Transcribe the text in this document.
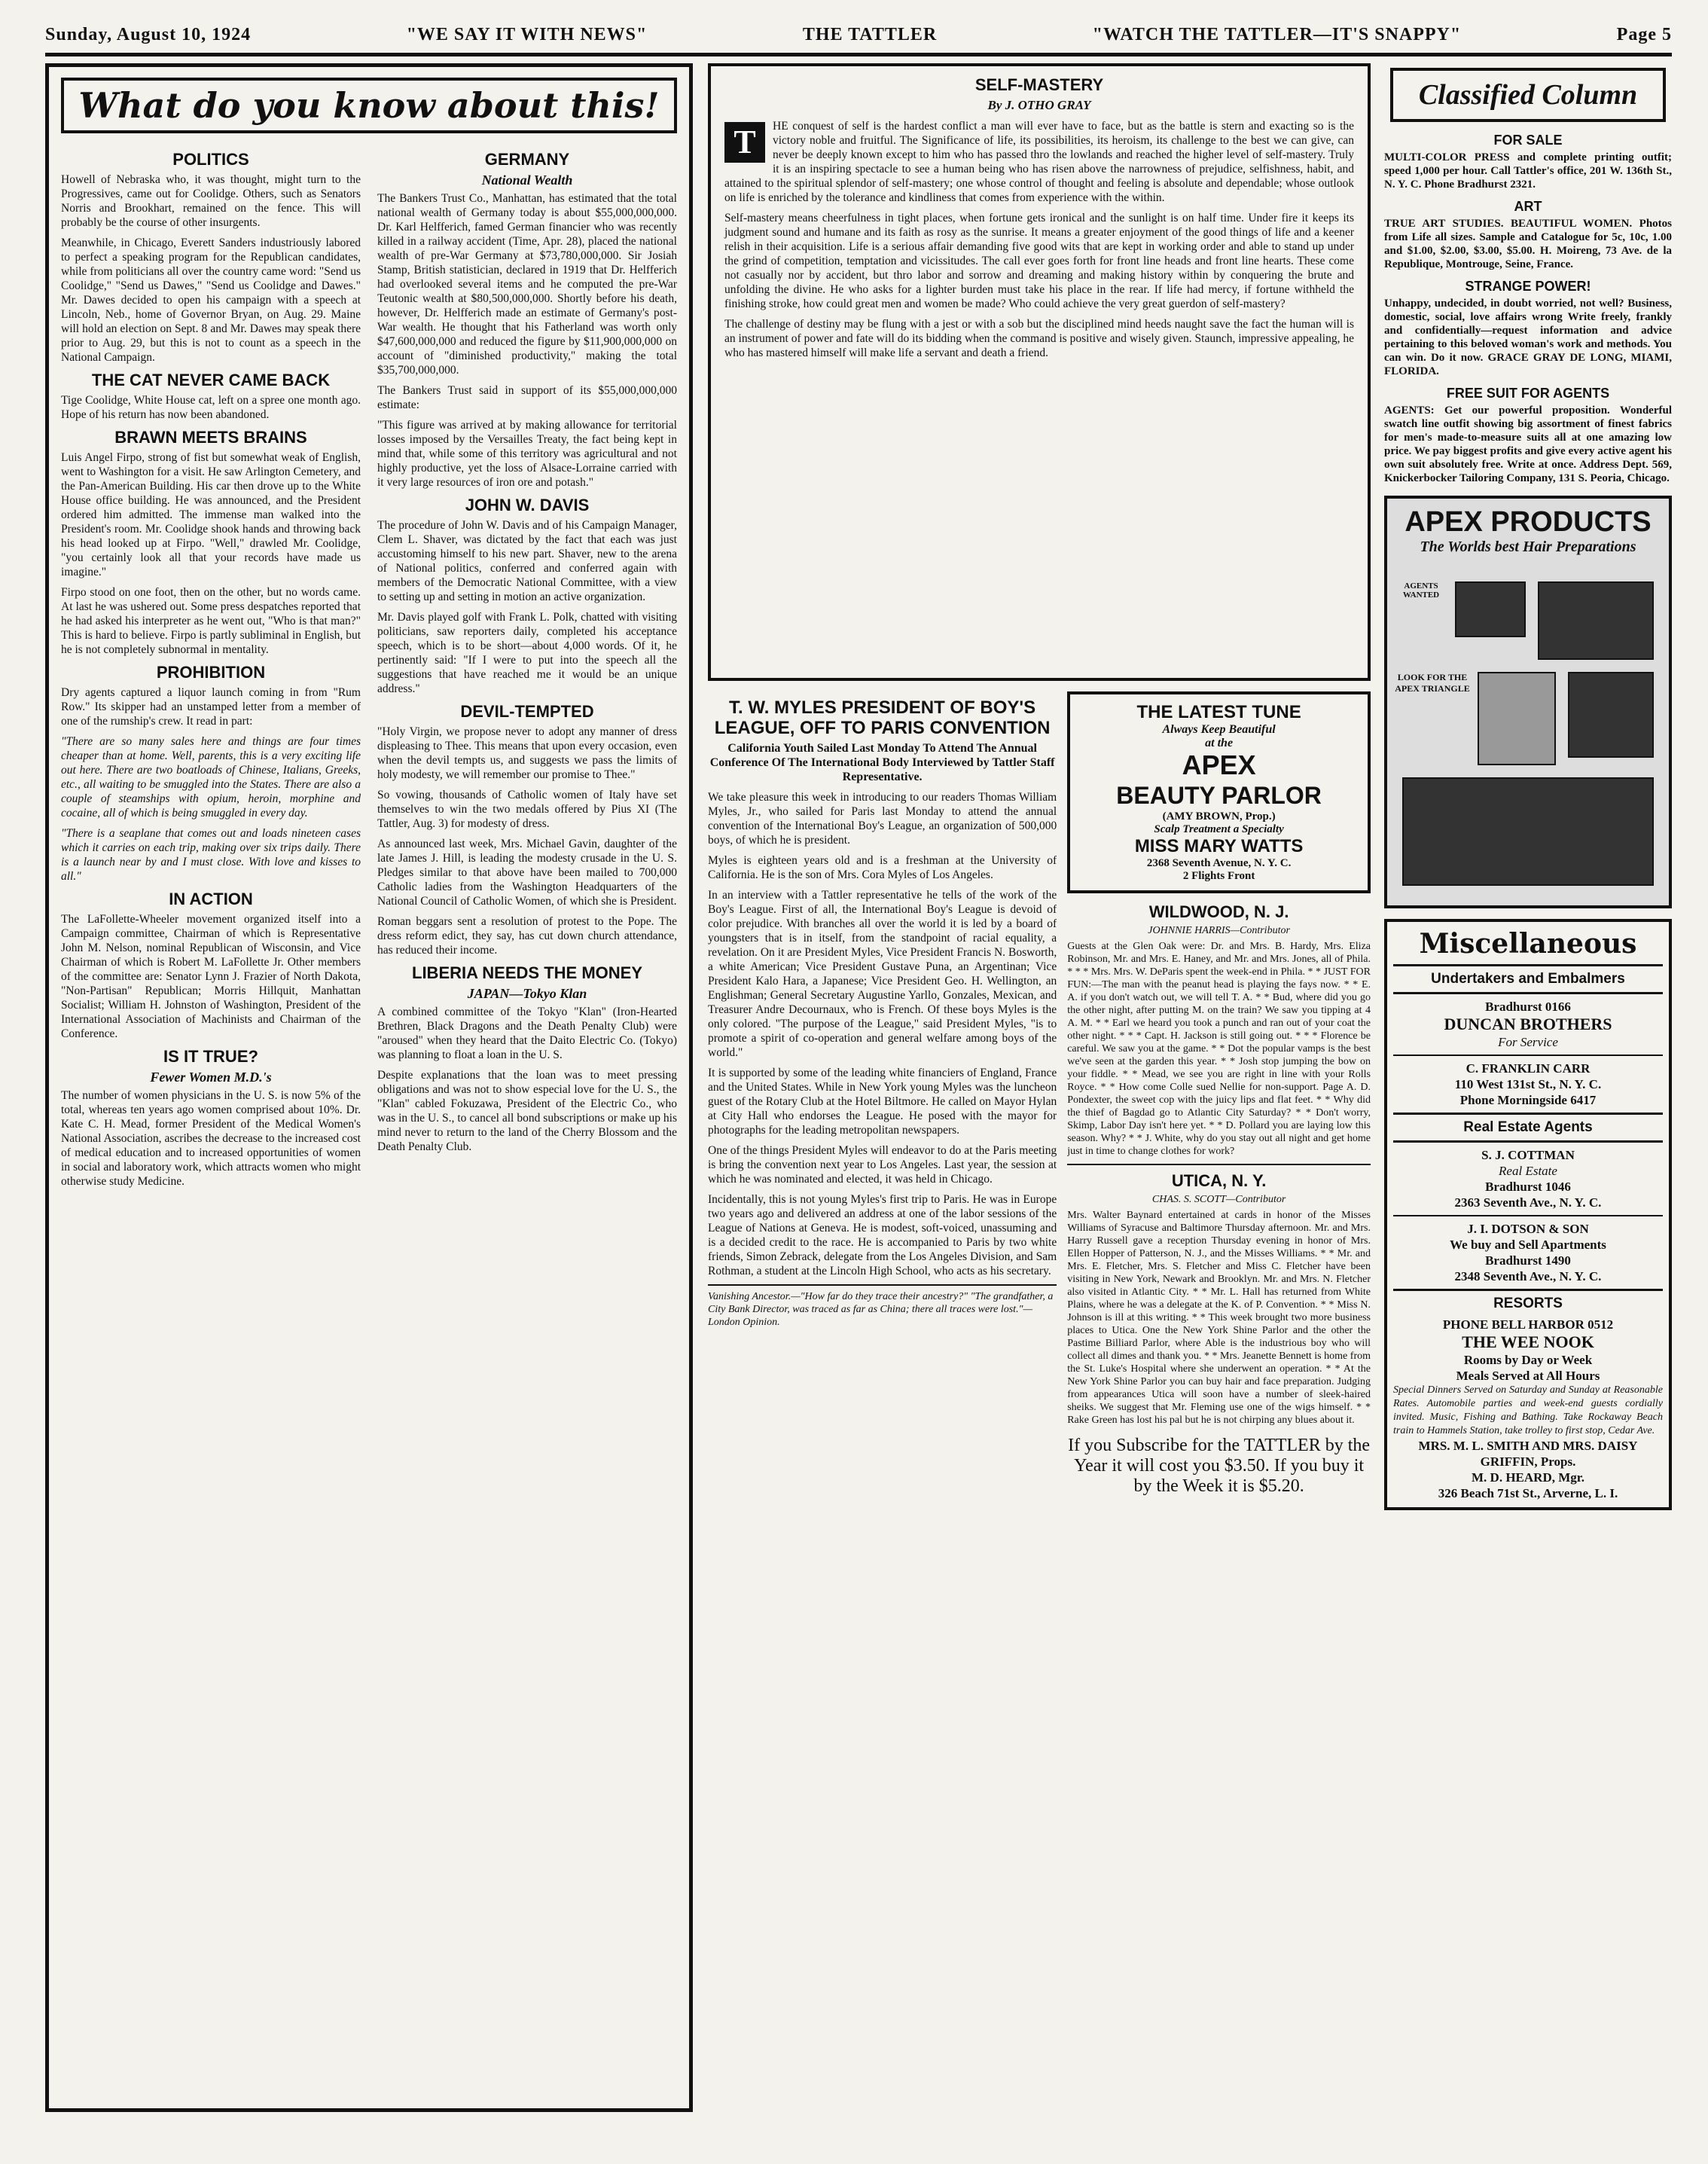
Sunday, August 10, 1924	"WE SAY IT WITH NEWS"	THE TATTLER	"WATCH THE TATTLER—IT'S SNAPPY"	Page 5
What do you know about this!
POLITICS

Howell of Nebraska who, it was thought, might turn to the Progressives, came out for Coolidge. Others, such as Senators Norris and Brookhart, remained on the fence. This will probably be the course of other insurgents.

Meanwhile, in Chicago, Everett Sanders industriously labored to perfect a speaking program for the Republican candidates, while from politicians all over the country came word: "Send us Coolidge," "Send us Dawes," "Send us Coolidge and Dawes." Mr. Dawes decided to open his campaign with a speech at Lincoln, Neb., home of Governor Bryan, on Aug. 29. Maine will hold an election on Sept. 8 and Mr. Dawes may speak there prior to Aug. 29, but this is not to count as a speech in the National Campaign.

THE CAT NEVER CAME BACK

Tige Coolidge, White House cat, left on a spree one month ago. Hope of his return has now been abandoned.

BRAWN MEETS BRAINS

Luis Angel Firpo, strong of fist but somewhat weak of English, went to Washington for a visit. He saw Arlington Cemetery, and the Pan-American Building. His car then drove up to the White House office building. He was announced, and the President ordered him admitted. The immense man walked into the President's room. Mr. Coolidge shook hands and throwing back his head looked up at Firpo. "Well," drawled Mr. Coolidge, "you certainly look all that your records have made us imagine."

Firpo stood on one foot, then on the other, but no words came. At last he was ushered out. Some press despatches reported that he had asked his interpreter as he went out, "Who is that man?" This is hard to believe. Firpo is partly subliminal in English, but he is not completely subnormal in mentality.

PROHIBITION

Dry agents captured a liquor launch coming in from "Rum Row." Its skipper had an unstamped letter from a member of one of the rumship's crew. It read in part:

"There are so many sales here and things are four times cheaper than at home. Well, parents, this is a very exciting life out here. There are two boatloads of Chinese, Italians, Greeks, etc., all waiting to be smuggled into the States. There are also a couple of steamships with opium, heroin, morphine and cocaine, all of which is being smuggled in every day.

"There is a seaplane that comes out and loads nineteen cases which it carries on each trip, making over six trips daily. There is a launch near by and I must close. With love and kisses to all."

IN ACTION

The LaFollette-Wheeler movement organized itself into a Campaign committee, Chairman of which is Representative John M. Nelson, nominal Republican of Wisconsin, and Vice Chairman of which is Robert M. LaFollette Jr. Other members of the committee are: Senator Lynn J. Frazier of North Dakota, "Non-Partisan" Republican; Morris Hillquit, Manhattan Socialist; William H. Johnston of Washington, President of the International Association of Machinists and Chairman of the Conference.

IS IT TRUE?
Fewer Women M.D.'s

The number of women physicians in the U. S. is now 5% of the total, whereas ten years ago women comprised about 10%. Dr. Kate C. H. Mead, former President of the Medical Women's National Association, ascribes the decrease to the increased cost of medical education and to increased opportunities of women in social and laboratory work, which attracts women who might otherwise study Medicine.

GERMANY
National Wealth

The Bankers Trust Co., Manhattan, has estimated that the total national wealth of Germany today is about $55,000,000,000. Dr. Karl Helfferich, famed German financier who was recently killed in a railway accident (Time, Apr. 28), placed the national wealth of pre-War Germany at $73,780,000,000. Sir Josiah Stamp, British statistician, declared in 1919 that Dr. Helfferich had overlooked several items and he computed the pre-War Teutonic wealth at $80,500,000,000. Shortly before his death, however, Dr. Helfferich made an estimate of Germany's post-War wealth. He thought that his Fatherland was worth only $47,600,000,000 and reduced the figure by $11,900,000,000 on account of "diminished productivity," making the total $35,700,000,000.

The Bankers Trust said in support of its $55,000,000,000 estimate:

"This figure was arrived at by making allowance for territorial losses imposed by the Versailles Treaty, the fact being kept in mind that, while some of this territory was agricultural and not highly productive, yet the loss of Alsace-Lorraine carried with it very large resources of iron ore and potash."

JOHN W. DAVIS

The procedure of John W. Davis and of his Campaign Manager, Clem L. Shaver, was dictated by the fact that each was just accustoming himself to his new part. Shaver, new to the arena of National politics, conferred and conferred again with members of the Democratic National Committee, with a view to setting up and setting in motion an active organization.

Mr. Davis played golf with Frank L. Polk, chatted with visiting politicians, saw reporters daily, completed his acceptance speech, which is to be short—about 4,000 words. Of it, he pertinently said: "If I were to put into the speech all the suggestions that have reached me it would be an unique address."

DEVIL-TEMPTED

"Holy Virgin, we propose never to adopt any manner of dress displeasing to Thee. This means that upon every occasion, even when the devil tempts us, and suggests we pass the limits of holy modesty, we will remember our promise to Thee."

So vowing, thousands of Catholic women of Italy have set themselves to win the two medals offered by Pius XI (The Tattler, Aug. 3) for modesty of dress.

As announced last week, Mrs. Michael Gavin, daughter of the late James J. Hill, is leading the modesty crusade in the U. S. Pledges similar to that above have been mailed to 700,000 Catholic ladies from the Washington Headquarters of the National Council of Catholic Women, of which she is President.

Roman beggars sent a resolution of protest to the Pope. The dress reform edict, they say, has cut down church attendance, has reduced their income.

LIBERIA NEEDS THE MONEY
JAPAN—Tokyo Klan

A combined committee of the Tokyo "Klan" (Iron-Hearted Brethren, Black Dragons and the Death Penalty Club) were "aroused" when they heard that the Daito Electric Co. (Tokyo) was planning to float a loan in the U. S.

Despite explanations that the loan was to meet pressing obligations and was not to show especial love for the U. S., the "Klan" cabled Fokuzawa, President of the Electric Co., who was in the U. S., to cancel all bond subscriptions or make up his mind never to return to the land of the Cherry Blossom and the Death Penalty Club.

SELF-MASTERY
By J. OTHO GRAY
T	HE conquest of self is the hardest conflict a man will ever have to face, but as the battle is stern and exacting so is the victory noble and fruitful. The Significance of life, its possibilities, its heroism, its challenge to the best we can give, can never be deeply known except to him who has passed thro the lowlands and reached the higher level of self-mastery. Truly it is an inspiring spectacle to see a human being who has risen above the narrowness of prejudice, selfishness, habit, and attained to the spiritual splendor of self-mastery; one whose control of thought and feeling is absolute and dependable; whose outlook on life is enriched by the tolerance and kindliness that comes from experience with the within.

Self-mastery means cheerfulness in tight places, when fortune gets ironical and the sunlight is on half time. Under fire it keeps its judgment sound and humane and its faith as rosy as the sunrise. It means a greater enjoyment of the good things of life and a keener relish in their acquisition. Life is a serious affair demanding five good wits that are kept in working order and able to stand up under the grind of competition, temptation and vicissitudes. The call ever goes forth for front line heads and front line hearts. These come not casually nor by accident, but thro labor and sorrow and dreaming and making history within by conquering the brute and unfolding the divine. He who asks for a lighter burden must take his place in the rear. If life had mercy, if fortune withheld the finishing stroke, how could great men and women be made? Who could achieve the very great guerdon of self-mastery?

The challenge of destiny may be flung with a jest or with a sob but the disciplined mind heeds naught save the fact the human will is an instrument of power and fate will do its bidding when the command is positive and wisely given. Staunch, impressive appealing, he who has mastered himself will make life a servant and death a friend.

T. W. MYLES PRESIDENT OF BOY'S LEAGUE, OFF TO PARIS CONVENTION

California Youth Sailed Last Monday To Attend The Annual Conference Of The International Body Interviewed by Tattler Staff Representative.

We take pleasure this week in introducing to our readers Thomas William Myles, Jr., who sailed for Paris last Monday to attend the annual convention of the International Boy's League, an organization of 500,000 boys, of which he is president.

Myles is eighteen years old and is a freshman at the University of California. He is the son of Mrs. Cora Myles of Los Angeles.

In an interview with a Tattler representative he tells of the work of the Boy's League. First of all, the International Boy's League is devoid of color prejudice. With branches all over the world it is led by a board of youngsters that is in itself, from the standpoint of racial equality, a revelation. On it are President Myles, Vice President Francis N. Bosworth, a white American; Vice President Gustave Puna, an Argentinan; Vice President Kalo Hara, a Japanese; Vice President Geo. H. Wellington, an Englishman; General Secretary Augustine Yarllo, Gonzales, Mexican, and Treasurer Andre Decournaux, who is French. Of these boys Myles is the only colored. "The purpose of the League," said President Myles, "is to promote a spirit of co-operation and general welfare among boys of the world."

It is supported by some of the leading white financiers of England, France and the United States. While in New York young Myles was the luncheon guest of the Rotary Club at the Hotel Biltmore. He called on Mayor Hylan at City Hall who endorses the League. He posed with the mayor for photographs for the leading metropolitan newspapers.

One of the things President Myles will endeavor to do at the Paris meeting is bring the convention next year to Los Angeles. Last year, the session at which he was nominated and elected, it was held in Chicago.

Incidentally, this is not young Myles's first trip to Paris. He was in Europe two years ago and delivered an address at one of the labor sessions of the League of Nations at Geneva. He is modest, soft-voiced, unassuming and is a decided credit to the race. He is accompanied to Paris by two white friends, Simon Zebrack, delegate from the Los Angeles Division, and Sam Rothman, a student at the Lincoln High School, who acts as his secretary.

Vanishing Ancestor.—"How far do they trace their ancestry?" "The grandfather, a City Bank Director, was traced as far as China; there all traces were lost."—London Opinion.
THE LATEST TUNE
Always Keep Beautiful
at the
APEX
BEAUTY PARLOR
(AMY BROWN, Prop.)
Scalp Treatment a Specialty
MISS MARY WATTS
2368 Seventh Avenue, N. Y. C.
2 Flights Front
WILDWOOD, N. J.
JOHNNIE HARRIS—Contributor

Guests at the Glen Oak were: Dr. and Mrs. B. Hardy, Mrs. Eliza Robinson, Mr. and Mrs. E. Haney, and Mr. and Mrs. Jones, all of Phila. * * * Mrs. Mrs. W. DeParis spent the week-end in Phila. * * JUST FOR FUN:—The man with the peanut head is playing the fays now. * * E. A. if you don't watch out, we will tell T. A. * * Bud, where did you go the other night, after putting M. on the train? We saw you tipping at 4 A. M. * * Earl we heard you took a punch and ran out of your coat the other night. * * * Capt. H. Jackson is still going out. * * * Florence be careful. We saw you at the game. * * Dot the popular vamps is the best we've seen at the garden this year. * * Josh stop jumping the bow on your fiddle. * * Mead, we see you are right in line with your Rolls Royce. * * How come Colle sued Nellie for non-support. Page A. D. Pondexter, the sweet cop with the juicy lips and flat feet. * * Why did the thief of Bagdad go to Atlantic City Saturday? * * Don't worry, Skimp, Labor Day isn't here yet. * * D. Pollard you are laying low this season. Why? * * J. White, why do you stay out all night and get home just in time to change clothes for work?

UTICA, N. Y.
CHAS. S. SCOTT—Contributor

Mrs. Walter Baynard entertained at cards in honor of the Misses Williams of Syracuse and Baltimore Thursday afternoon. Mr. and Mrs. Harry Russell gave a reception Thursday evening in honor of Mrs. Ellen Hopper of Patterson, N. J., and the Misses Williams. * * Mr. and Mrs. E. Fletcher, Mrs. S. Fletcher and Miss C. Fletcher have been visiting in New York, Newark and Brooklyn. Mr. and Mrs. N. Fletcher also visited in Atlantic City. * * Mr. L. Hall has returned from White Plains, where he was a delegate at the K. of P. Convention. * * Miss N. Johnson is ill at this writing. * * This week brought two more business places to Utica. One the New York Shine Parlor and the other the Pastime Billiard Parlor, where Able is the industrious boy who will collect all dimes and thank you. * * Mrs. Jeanette Bennett is home from the St. Luke's Hospital where she underwent an operation. * * At the New York Shine Parlor you can buy hair and face preparation. Judging from appearances Utica will soon have a number of sleek-haired sheiks. We suggest that Mr. Fleming use one of the wigs himself. * * Rake Green has lost his pal but he is not chirping any blues about it.

If you Subscribe for the TATTLER by the Year it will cost you $3.50. If you buy it by the Week it is $5.20.
Classified Column
FOR SALE

MULTI-COLOR PRESS and complete printing outfit; speed 1,000 per hour. Call Tattler's office, 201 W. 136th St., N. Y. C. Phone Bradhurst 2321.

ART

TRUE ART STUDIES. BEAUTIFUL WOMEN. Photos from Life all sizes. Sample and Catalogue for 5c, 10c, 1.00 and $1.00, $2.00, $3.00, $5.00. H. Moireng, 73 Ave. de la Republique, Montrouge, Seine, France.

STRANGE POWER!

Unhappy, undecided, in doubt worried, not well? Business, domestic, social, love affairs wrong Write freely, frankly and confidentially—request information and advice pertaining to this beloved woman's work and methods. You can win. Do it now. GRACE GRAY DE LONG, MIAMI, FLORIDA.

FREE SUIT FOR AGENTS

AGENTS: Get our powerful proposition. Wonderful swatch line outfit showing big assortment of finest fabrics for men's made-to-measure suits all at one amazing low price. We pay biggest profits and give every active agent his own suit absolutely free. Write at once. Address Dept. 569, Knickerbocker Tailoring Company, 131 S. Peoria, Chicago.

APEX PRODUCTS
The Worlds best Hair Preparations
AGENTS WANTED
LOOK FOR THE APEX TRIANGLE
Miscellaneous
Undertakers and Embalmers
Bradhurst 0166
DUNCAN BROTHERS
For Service
C. FRANKLIN CARR
110 West 131st St., N. Y. C.
Phone Morningside 6417
Real Estate Agents
S. J. COTTMAN
Real Estate
Bradhurst 1046
2363 Seventh Ave., N. Y. C.
J. I. DOTSON & SON
We buy and Sell Apartments
Bradhurst 1490
2348 Seventh Ave., N. Y. C.
RESORTS
PHONE BELL HARBOR 0512
THE WEE NOOK
Rooms by Day or Week
Meals Served at All Hours
Special Dinners Served on Saturday and Sunday at Reasonable Rates. Automobile parties and week-end guests cordially invited. Music, Fishing and Bathing. Take Rockaway Beach train to Hammels Station, take trolley to first stop, Cedar Ave.
MRS. M. L. SMITH AND MRS. DAISY GRIFFIN, Props.
M. D. HEARD, Mgr.
326 Beach 71st St., Arverne, L. I.
